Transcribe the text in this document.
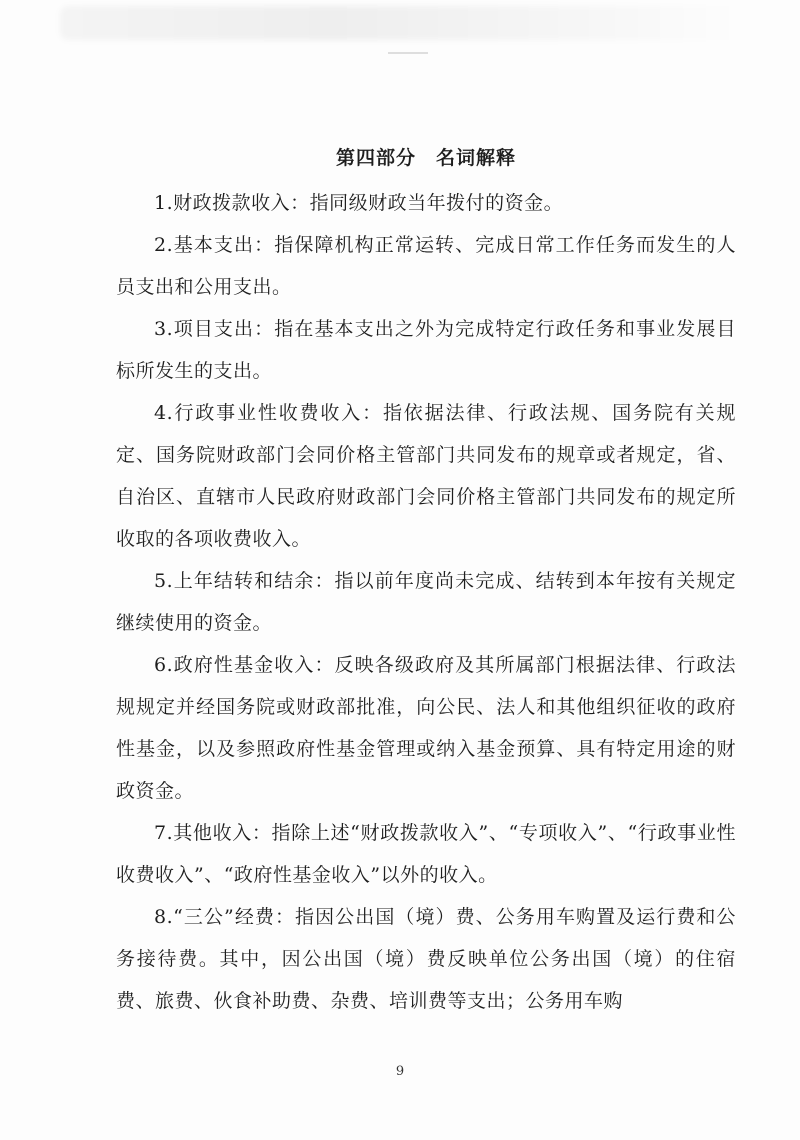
第四部分　名词解释

1.财政拨款收入：指同级财政当年拨付的资金。

2.基本支出：指保障机构正常运转、完成日常工作任务而发生的人员支出和公用支出。

3.项目支出：指在基本支出之外为完成特定行政任务和事业发展目标所发生的支出。

4.行政事业性收费收入：指依据法律、行政法规、国务院有关规定、国务院财政部门会同价格主管部门共同发布的规章或者规定，省、自治区、直辖市人民政府财政部门会同价格主管部门共同发布的规定所收取的各项收费收入。

5.上年结转和结余：指以前年度尚未完成、结转到本年按有关规定继续使用的资金。

6.政府性基金收入：反映各级政府及其所属部门根据法律、行政法规规定并经国务院或财政部批准，向公民、法人和其他组织征收的政府性基金，以及参照政府性基金管理或纳入基金预算、具有特定用途的财政资金。

7.其他收入：指除上述“财政拨款收入”、“专项收入”、“行政事业性收费收入”、“政府性基金收入”以外的收入。

8.“三公”经费：指因公出国（境）费、公务用车购置及运行费和公务接待费。其中，因公出国（境）费反映单位公务出国（境）的住宿费、旅费、伙食补助费、杂费、培训费等支出；公务用车购

9
